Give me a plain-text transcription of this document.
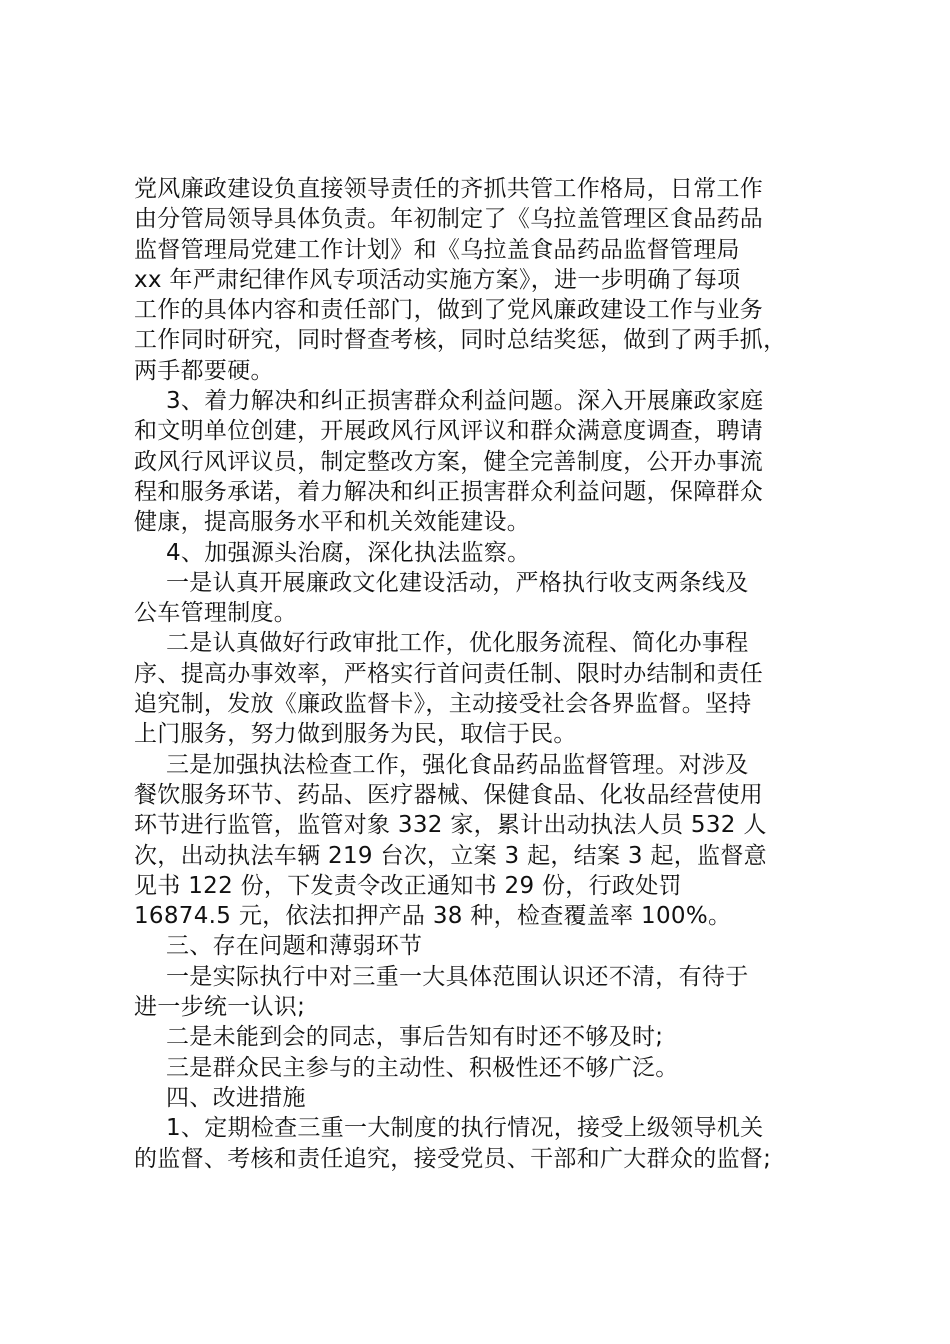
党风廉政建设负直接领导责任的齐抓共管工作格局，日常工作
由分管局领导具体负责。年初制定了《乌拉盖管理区食品药品
监督管理局党建工作计划》和《乌拉盖食品药品监督管理局
xx 年严肃纪律作风专项活动实施方案》，进一步明确了每项
工作的具体内容和责任部门，做到了党风廉政建设工作与业务
工作同时研究，同时督查考核，同时总结奖惩，做到了两手抓，
两手都要硬。

3、着力解决和纠正损害群众利益问题。深入开展廉政家庭
和文明单位创建，开展政风行风评议和群众满意度调查，聘请
政风行风评议员，制定整改方案，健全完善制度，公开办事流
程和服务承诺，着力解决和纠正损害群众利益问题，保障群众
健康，提高服务水平和机关效能建设。

4、加强源头治腐，深化执法监察。

一是认真开展廉政文化建设活动，严格执行收支两条线及
公车管理制度。

二是认真做好行政审批工作，优化服务流程、简化办事程
序、提高办事效率，严格实行首问责任制、限时办结制和责任
追究制，发放《廉政监督卡》，主动接受社会各界监督。坚持
上门服务，努力做到服务为民，取信于民。

三是加强执法检查工作，强化食品药品监督管理。对涉及
餐饮服务环节、药品、医疗器械、保健食品、化妆品经营使用
环节进行监管，监管对象 332 家，累计出动执法人员 532 人
次，出动执法车辆 219 台次，立案 3 起，结案 3 起，监督意
见书 122 份，下发责令改正通知书 29 份，行政处罚
16874.5 元，依法扣押产品 38 种，检查覆盖率 100%。

三、存在问题和薄弱环节

一是实际执行中对三重一大具体范围认识还不清，有待于
进一步统一认识;

二是未能到会的同志，事后告知有时还不够及时;

三是群众民主参与的主动性、积极性还不够广泛。

四、改进措施

1、定期检查三重一大制度的执行情况，接受上级领导机关
的监督、考核和责任追究，接受党员、干部和广大群众的监督;
